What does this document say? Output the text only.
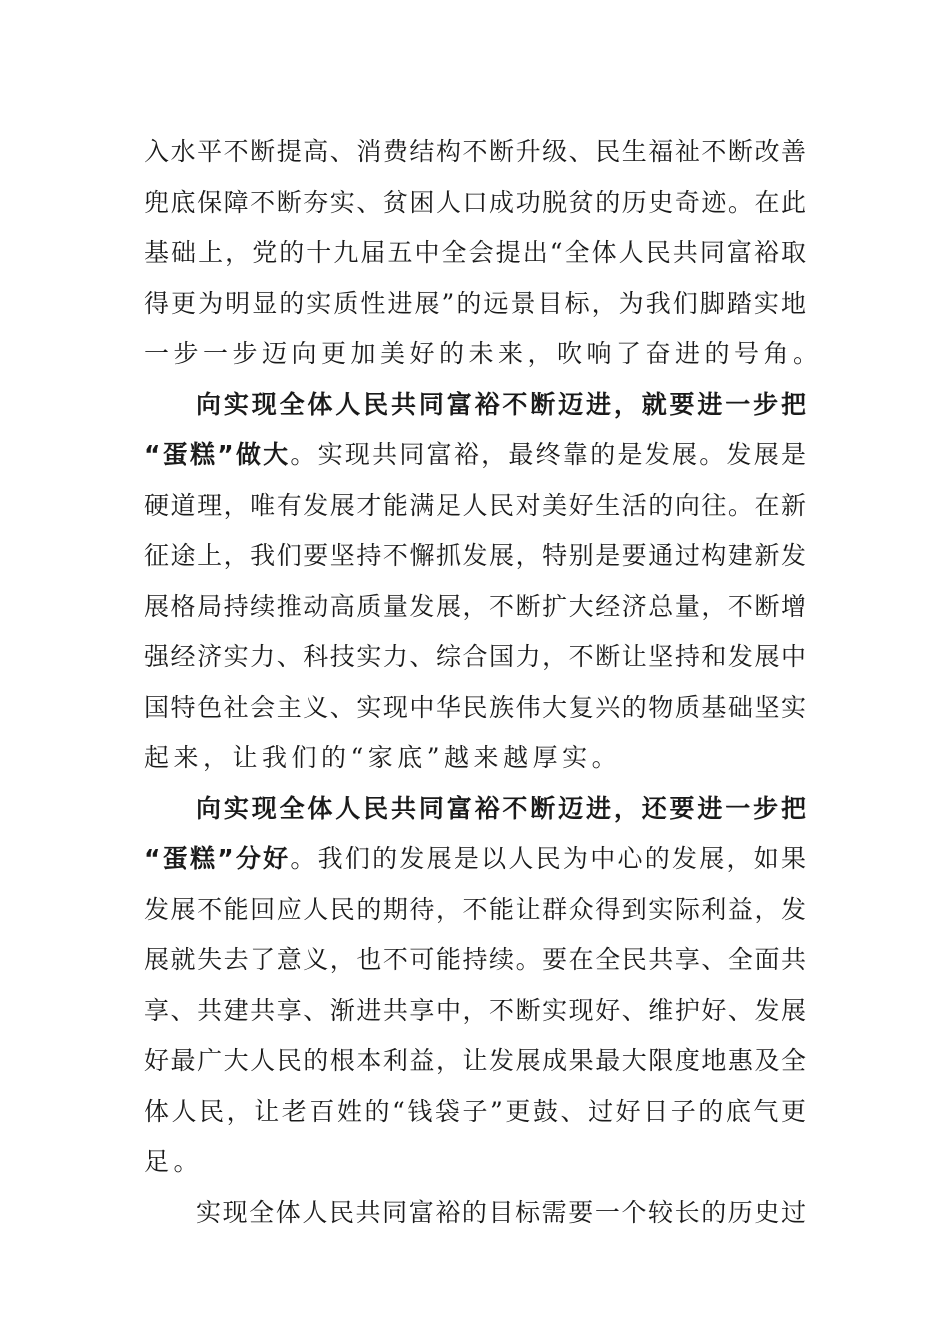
入水平不断提高、消费结构不断升级、民生福祉不断改善
兜底保障不断夯实、贫困人口成功脱贫的历史奇迹。在此
基础上，党的十九届五中全会提出“全体人民共同富裕取
得更为明显的实质性进展”的远景目标，为我们脚踏实地
一步一步迈向更加美好的未来，吹响了奋进的号角。
向实现全体人民共同富裕不断迈进，就要进一步把
“蛋糕”做大。实现共同富裕，最终靠的是发展。发展是
硬道理，唯有发展才能满足人民对美好生活的向往。在新
征途上，我们要坚持不懈抓发展，特别是要通过构建新发
展格局持续推动高质量发展，不断扩大经济总量，不断增
强经济实力、科技实力、综合国力，不断让坚持和发展中
国特色社会主义、实现中华民族伟大复兴的物质基础坚实
起来，让我们的“家底”越来越厚实。
向实现全体人民共同富裕不断迈进，还要进一步把
“蛋糕”分好。我们的发展是以人民为中心的发展，如果
发展不能回应人民的期待，不能让群众得到实际利益，发
展就失去了意义，也不可能持续。要在全民共享、全面共
享、共建共享、渐进共享中，不断实现好、维护好、发展
好最广大人民的根本利益，让发展成果最大限度地惠及全
体人民，让老百姓的“钱袋子”更鼓、过好日子的底气更
足。
实现全体人民共同富裕的目标需要一个较长的历史过
